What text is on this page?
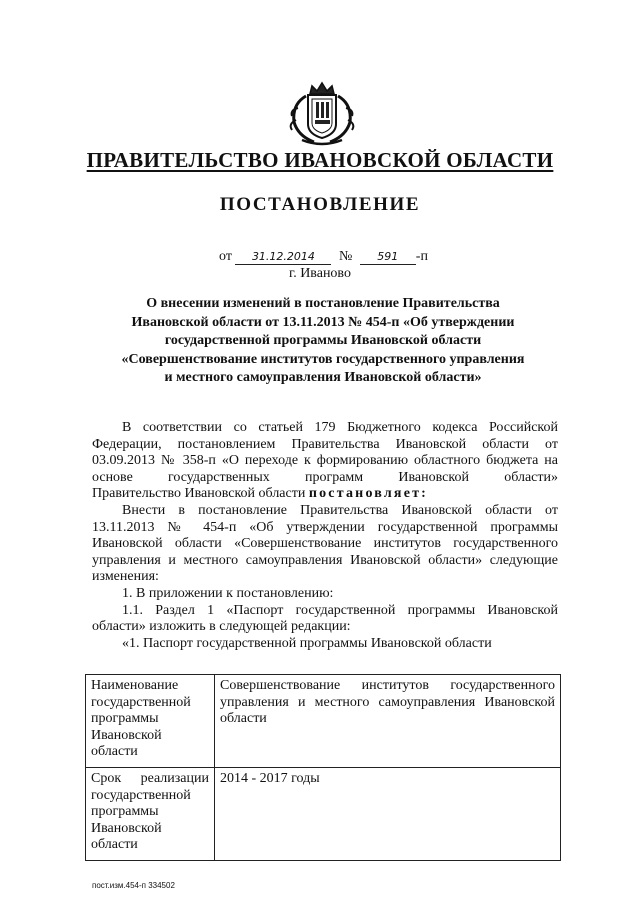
ПРАВИТЕЛЬСТВО ИВАНОВСКОЙ ОБЛАСТИ
ПОСТАНОВЛЕНИЕ
от 31.12.2014 № 591 -п
г. Иваново
О внесении изменений в постановление Правительства
Ивановской области от 13.11.2013 № 454-п «Об утверждении
государственной программы Ивановской области
«Совершенствование институтов государственного управления
и местного самоуправления Ивановской области»

В соответствии со статьей 179 Бюджетного кодекса Российской Федерации, постановлением Правительства Ивановской области от 03.09.2013 № 358-п «О переходе к формированию областного бюджета на основе государственных программ Ивановской области»

Правительство Ивановской области постановляет:

Внести в постановление Правительства Ивановской области от 13.11.2013 № 454-п «Об утверждении государственной программы Ивановской области «Совершенствование институтов государственного управления и местного самоуправления Ивановской области» следующие изменения:

1. В приложении к постановлению:

1.1. Раздел 1 «Паспорт государственной программы Ивановской области» изложить в следующей редакции:

«1. Паспорт государственной программы Ивановской области

Наименование государственной программы Ивановской области	Совершенствование институтов государственного управления и местного самоуправления Ивановской области
Срок реализации государственной программы Ивановской области	2014 - 2017 годы
пост.изм.454-п 334502
